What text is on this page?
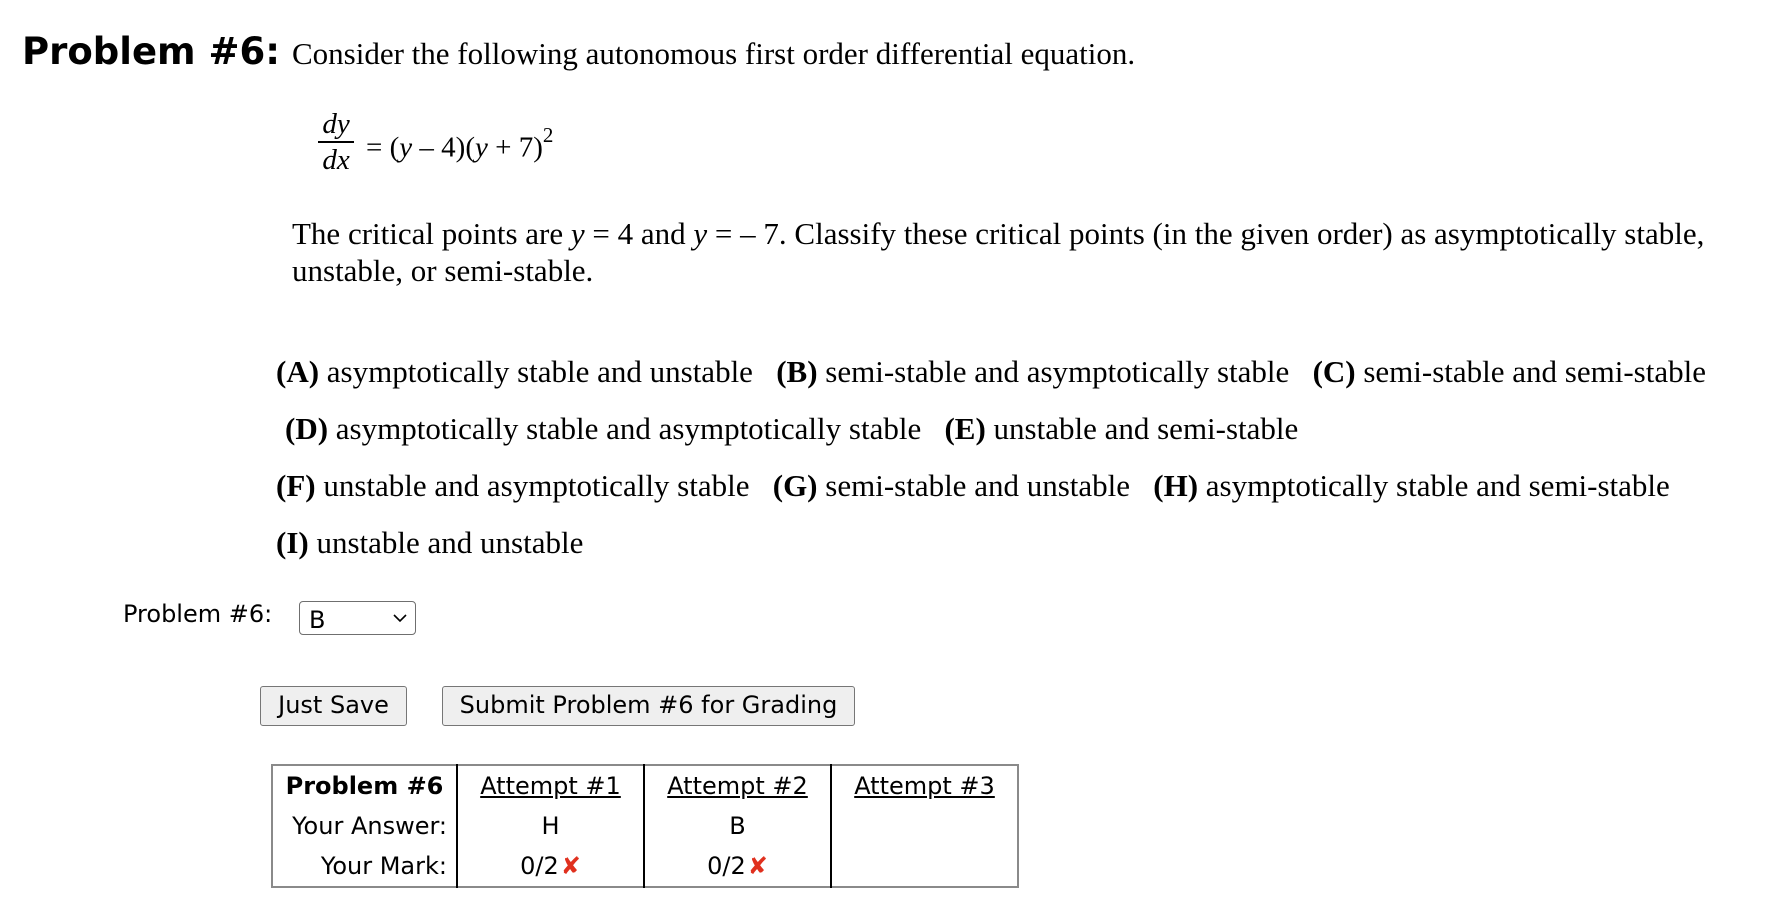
Problem #6: Consider the following autonomous first order differential equation.
dy
dx = $(y - 4)(y + 7)^2$
The critical points are y = 4 and y = – 7. Classify these critical points (in the given order) as asymptotically stable, unstable, or semi-stable.
(A) asymptotically stable and unstable (B) semi-stable and asymptotically stable (C) semi-stable and semi-stable
(D) asymptotically stable and asymptotically stable (E) unstable and semi-stable
(F) unstable and asymptotically stable (G) semi-stable and unstable (H) asymptotically stable and semi-stable
(I) unstable and unstable
Problem #6: B
Just Save	Submit Problem #6 for Grading
Problem #6	Attempt #1	Attempt #2	Attempt #3
Your Answer:	H	B	
Your Mark:	0/2✘	0/2✘	
